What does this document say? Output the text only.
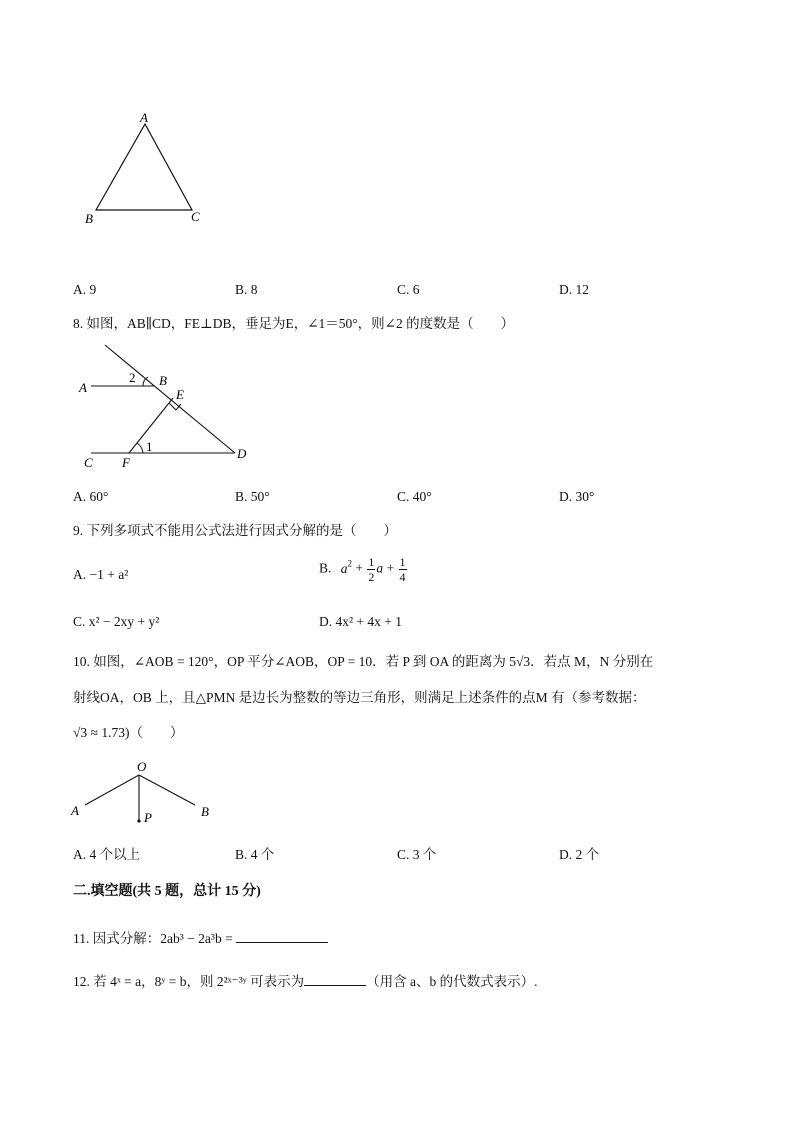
A
B	C
A. 9	B. 8	C. 6	D. 12
8. 如图，AB∥CD，FE⊥DB，垂足为E，∠1＝50°，则∠2 的度数是（　　）
A
2 B
E
1
C F
D
A. 60°	B. 50°	C. 40°	D. 30°
9. 下列多项式不能用公式法进行因式分解的是（　　）
A. −1 + a²	B. $a^2 + \frac{1}{2}$ $a + \frac{1}{4}$
C. x² − 2xy + y²	D. 4x² + 4x + 1
10. 如图，∠AOB = 120°，OP 平分∠AOB，OP = 10．若 P 到 OA 的距离为 5√3．若点 M，N 分别在
射线OA，OB 上，且△PMN 是边长为整数的等边三角形，则满足上述条件的点M 有（参考数据：
√3 ≈ 1.73)（　　）
O
A	B
P
A. 4 个以上	B. 4 个	C. 3 个	D. 2 个
二.填空题(共 5 题，总计 15 分)
11. 因式分解：2ab³ − 2a³b =
12. 若 4ˣ = a，8ʸ = b，则 2²ˣ⁻³ʸ 可表示为	（用含 a、b 的代数式表示）.
